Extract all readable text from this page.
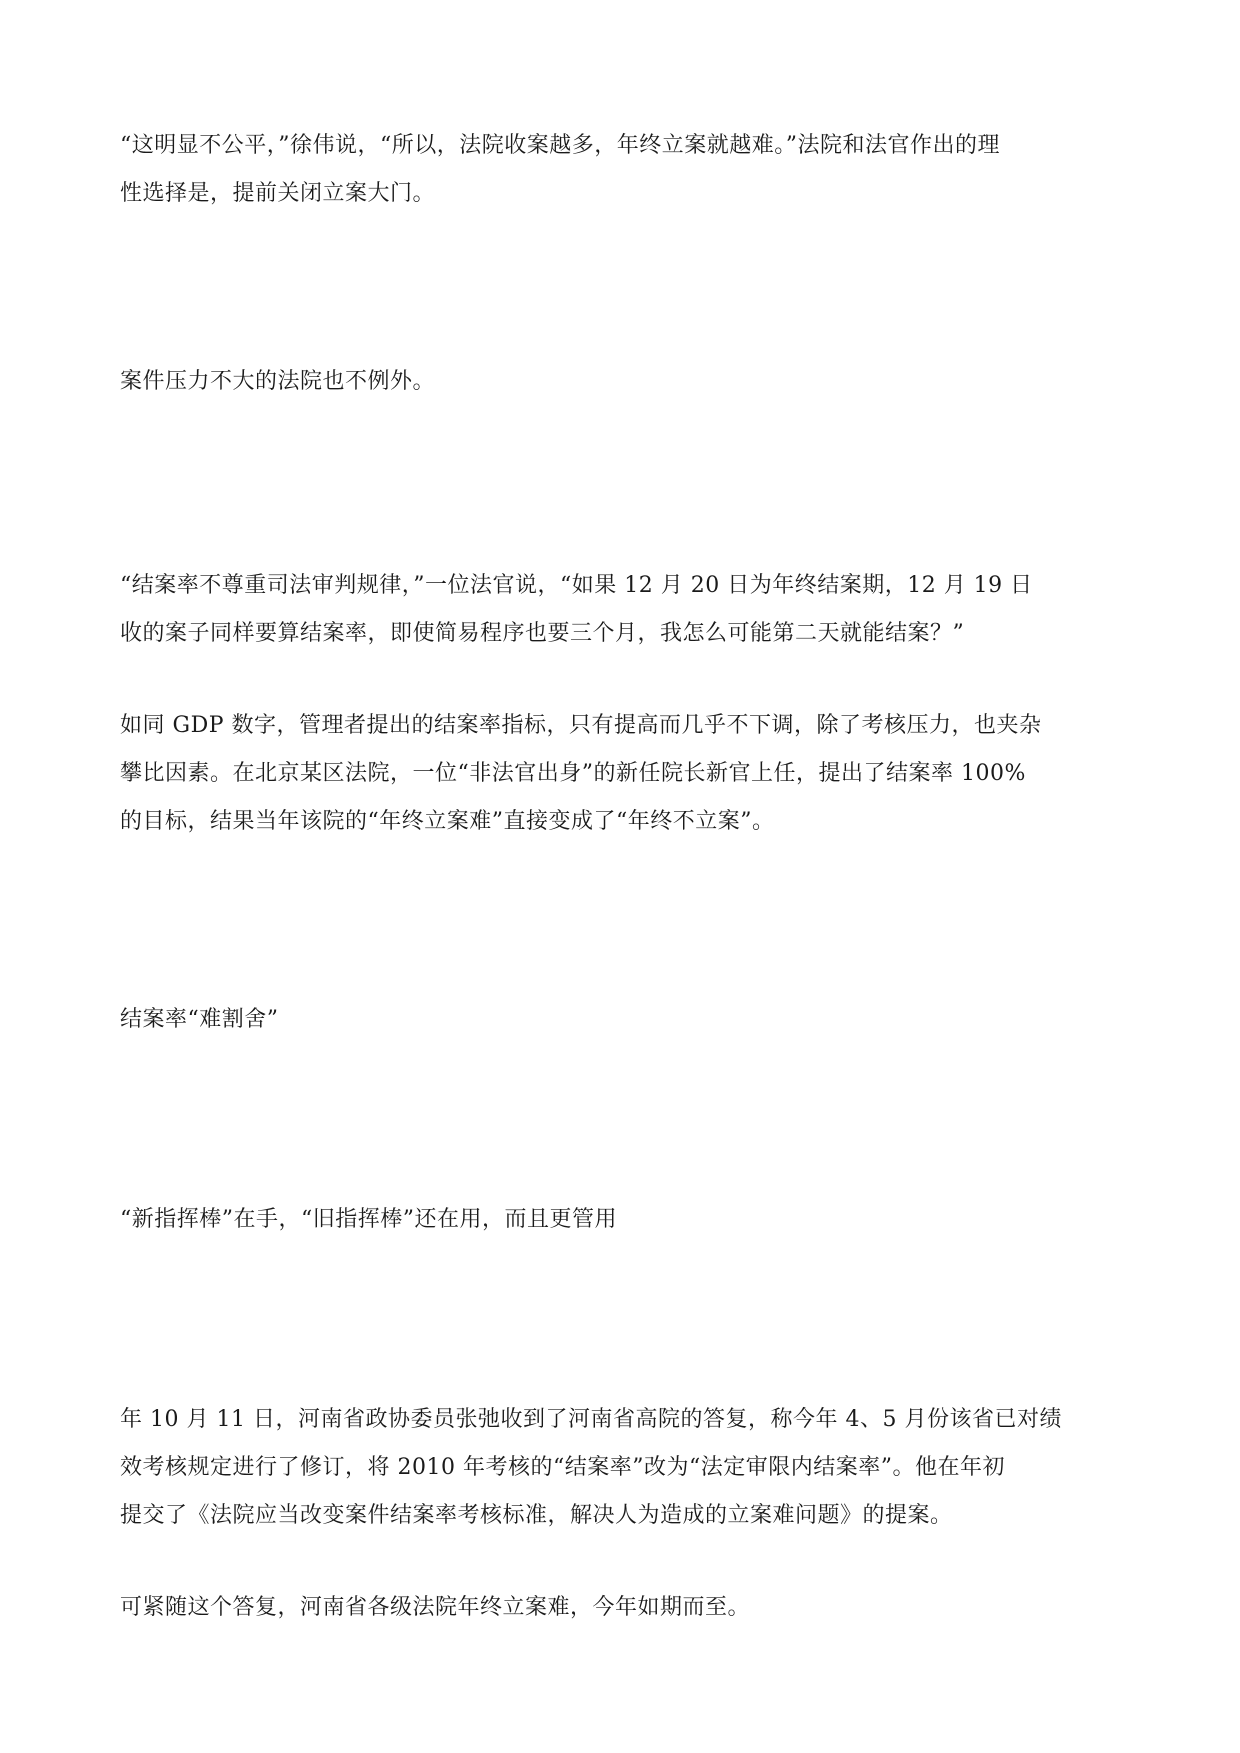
“这明显不公平，”徐伟说，“所以，法院收案越多，年终立案就越难。”法院和法官作出的理
性选择是，提前关闭立案大门。

案件压力不大的法院也不例外。

“结案率不尊重司法审判规律，”一位法官说，“如果 12 月 20 日为年终结案期，12 月 19 日
收的案子同样要算结案率，即使简易程序也要三个月，我怎么可能第二天就能结案？”

如同 GDP 数字，管理者提出的结案率指标，只有提高而几乎不下调，除了考核压力，也夹杂
攀比因素。在北京某区法院，一位“非法官出身”的新任院长新官上任，提出了结案率 100%
的目标，结果当年该院的“年终立案难”直接变成了“年终不立案”。

结案率“难割舍”

“新指挥棒”在手，“旧指挥棒”还在用，而且更管用

年 10 月 11 日，河南省政协委员张弛收到了河南省高院的答复，称今年 4、5 月份该省已对绩
效考核规定进行了修订，将 2010 年考核的“结案率”改为“法定审限内结案率”。他在年初
提交了《法院应当改变案件结案率考核标准，解决人为造成的立案难问题》的提案。

可紧随这个答复，河南省各级法院年终立案难，今年如期而至。
